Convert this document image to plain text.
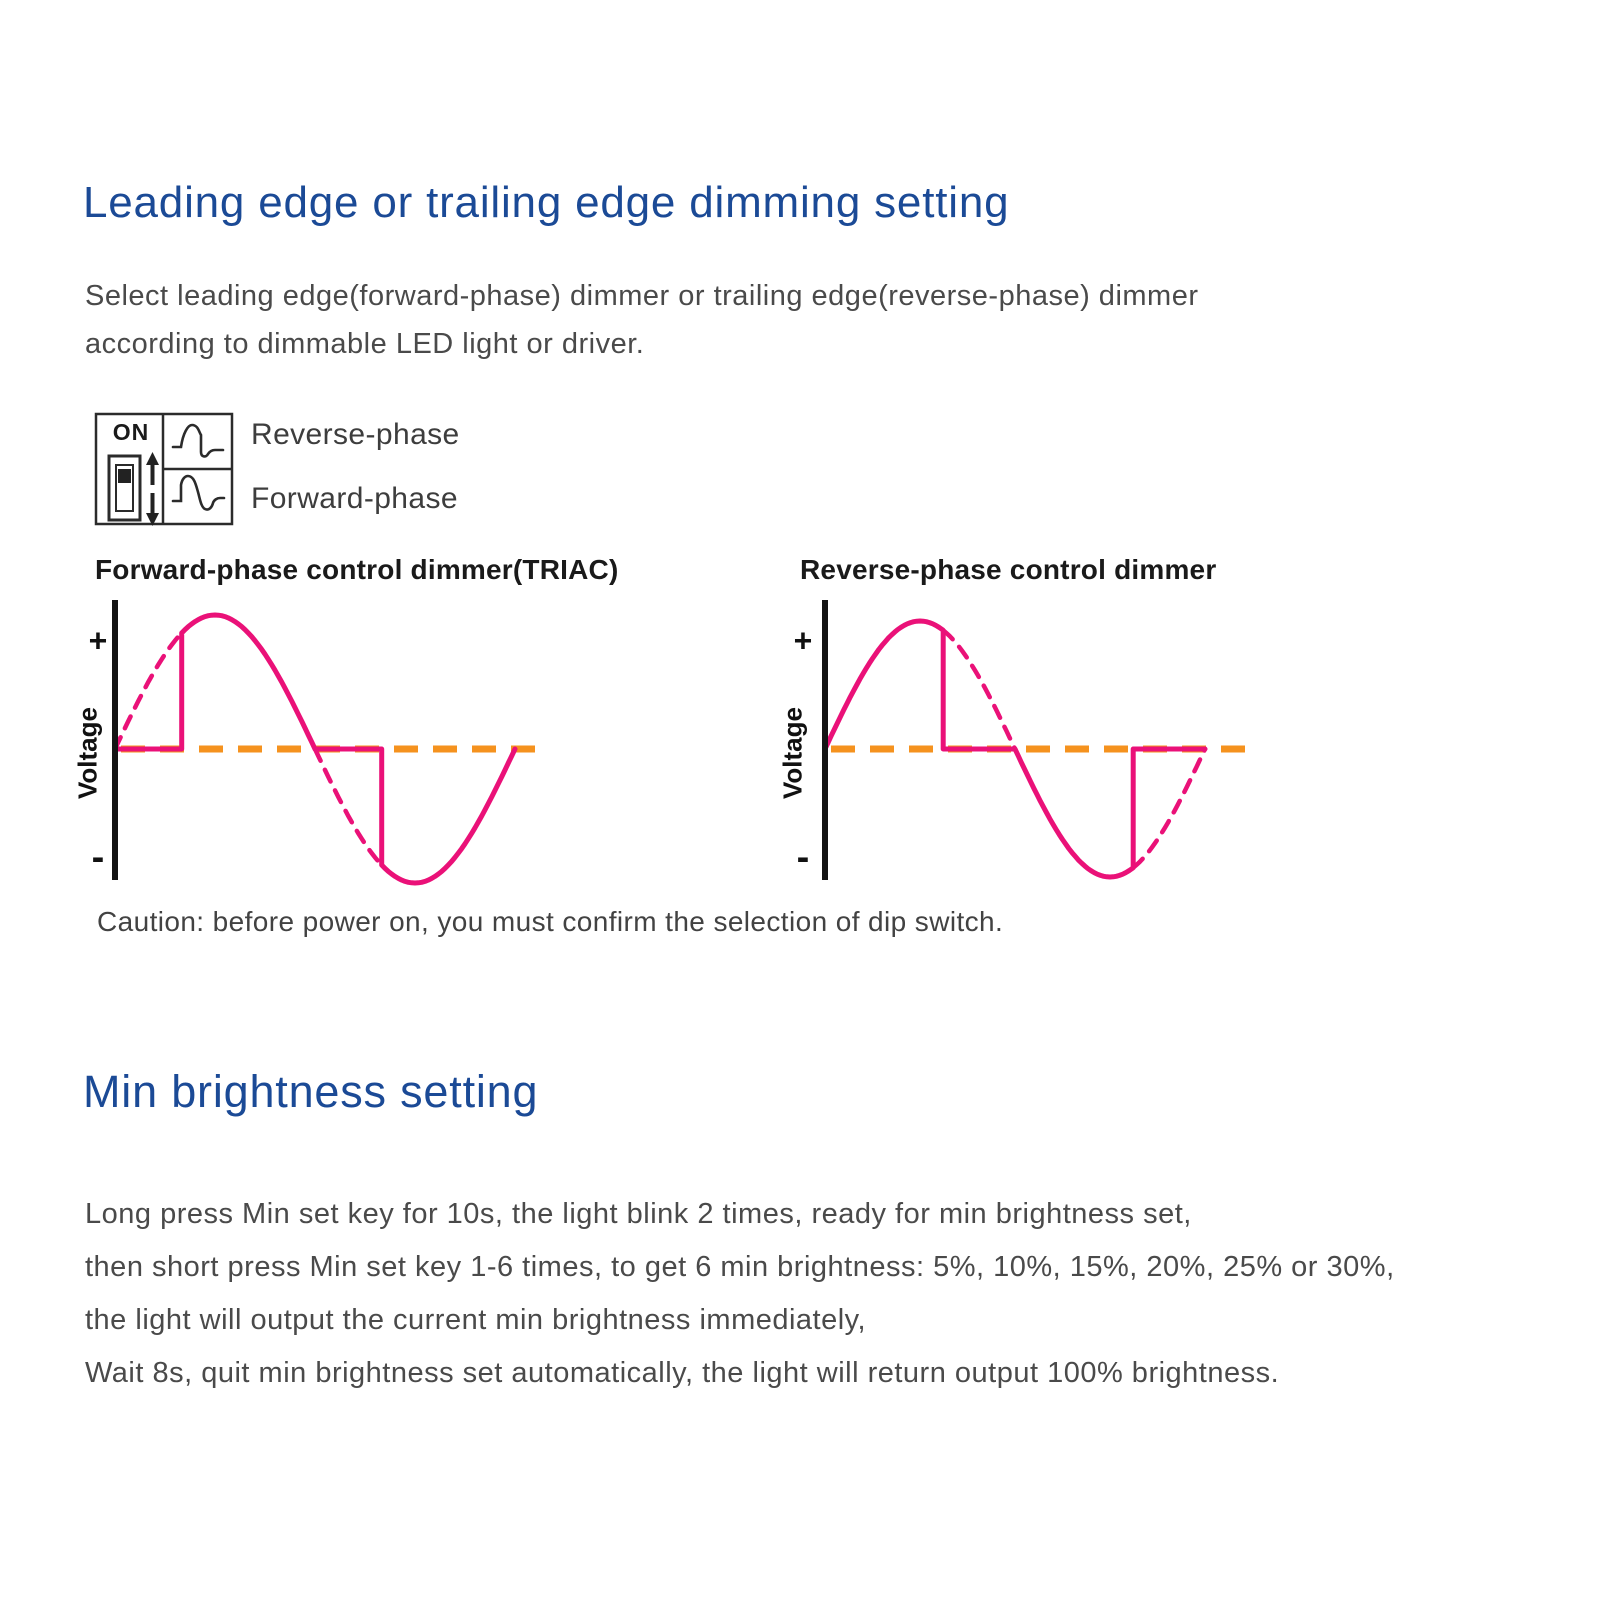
Leading edge or trailing edge dimming setting
Select leading edge(forward-phase) dimmer or trailing edge(reverse-phase) dimmer
according to dimmable LED light or driver.
ON	Reverse-phase
Forward-phase
Forward-phase control dimmer(TRIAC)	Reverse-phase control dimmer
+
Voltage
-
+
Voltage
-
Caution: before power on, you must confirm the selection of dip switch.
Min brightness setting
Long press Min set key for 10s, the light blink 2 times, ready for min brightness set,
then short press Min set key 1-6 times, to get 6 min brightness: 5%, 10%, 15%, 20%, 25% or 30%,
the light will output the current min brightness immediately,
Wait 8s, quit min brightness set automatically, the light will return output 100% brightness.
